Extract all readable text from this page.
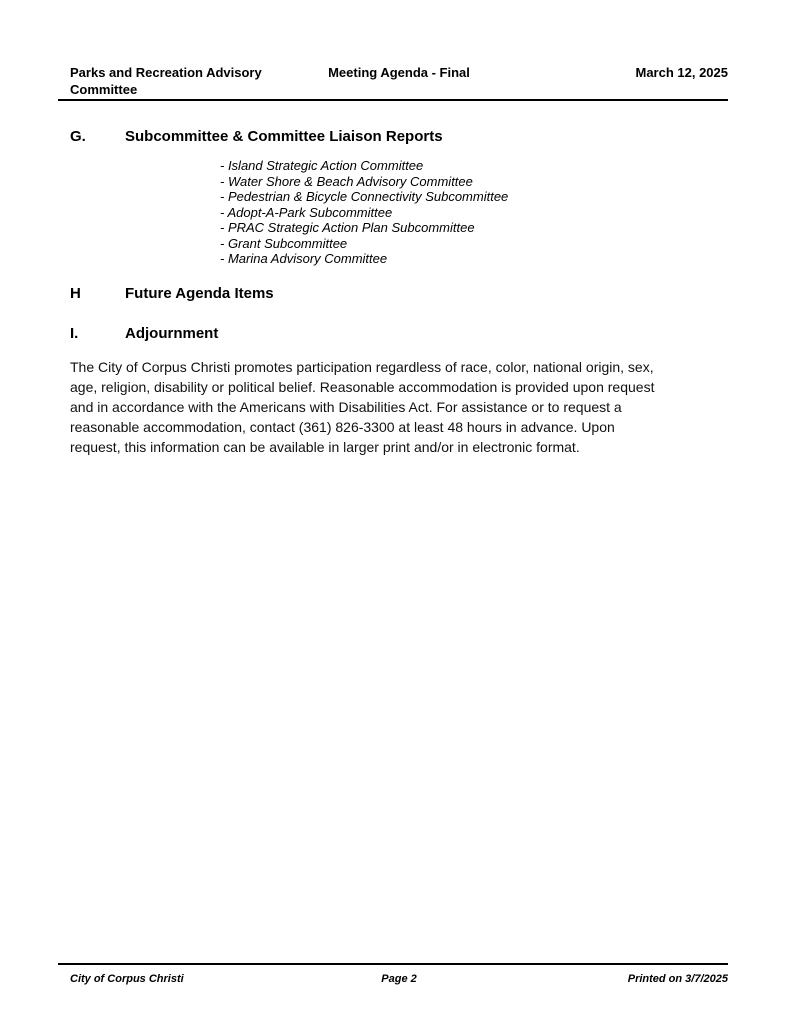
Parks and Recreation Advisory Committee
Meeting Agenda - Final	March 12, 2025
G.	Subcommittee & Committee Liaison Reports
- Island Strategic Action Committee
- Water Shore & Beach Advisory Committee
- Pedestrian & Bicycle Connectivity Subcommittee
- Adopt-A-Park Subcommittee
- PRAC Strategic Action Plan Subcommittee
- Grant Subcommittee
- Marina Advisory Committee
H	Future Agenda Items
I.	Adjournment
The City of Corpus Christi promotes participation regardless of race, color, national origin, sex, age, religion, disability or political belief. Reasonable accommodation is provided upon request and in accordance with the Americans with Disabilities Act. For assistance or to request a reasonable accommodation, contact (361) 826-3300 at least 48 hours in advance. Upon request, this information can be available in larger print and/or in electronic format.
City of Corpus Christi	Page 2	Printed on 3/7/2025
